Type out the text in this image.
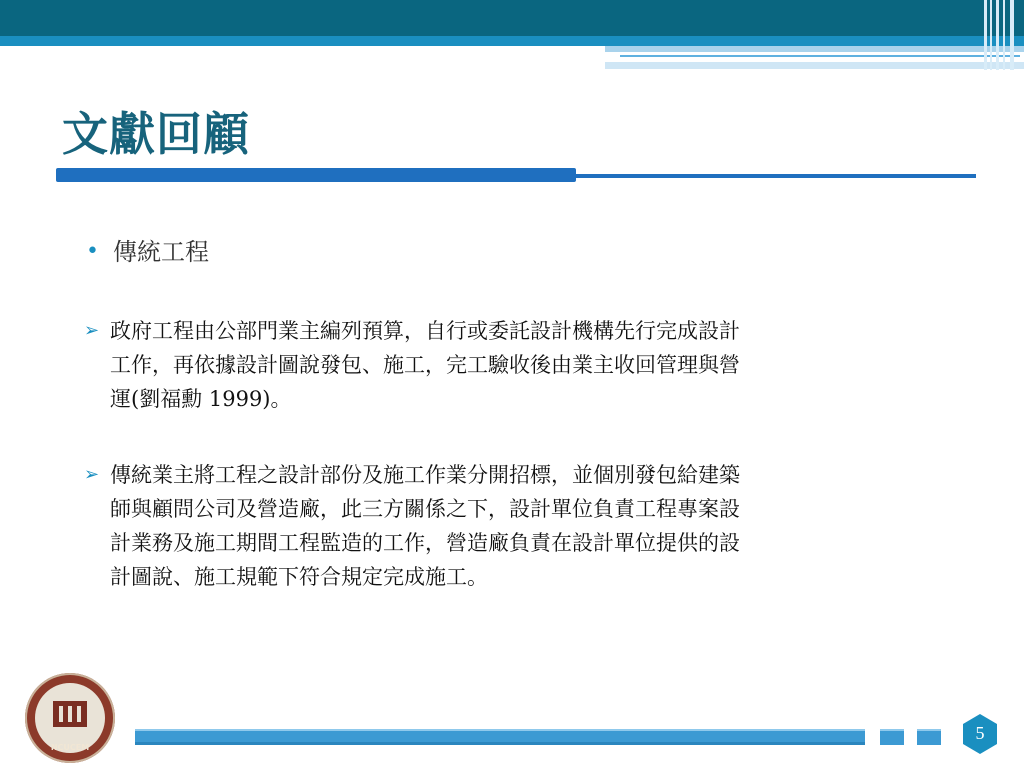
文獻回顧
• 傳統工程
➢ 政府工程由公部門業主編列預算，自行或委託設計機構先行完成設計
工作，再依據設計圖說發包、施工，完工驗收後由業主收回管理與營
運(劉福勳 1999)。
➢ 傳統業主將工程之設計部份及施工作業分開招標，並個別發包給建築
師與顧問公司及營造廠，此三方關係之下，設計單位負責工程專案設
計業務及施工期間工程監造的工作，營造廠負責在設計單位提供的設
計圖說、施工規範下符合規定完成施工。
NCUCEM
5
